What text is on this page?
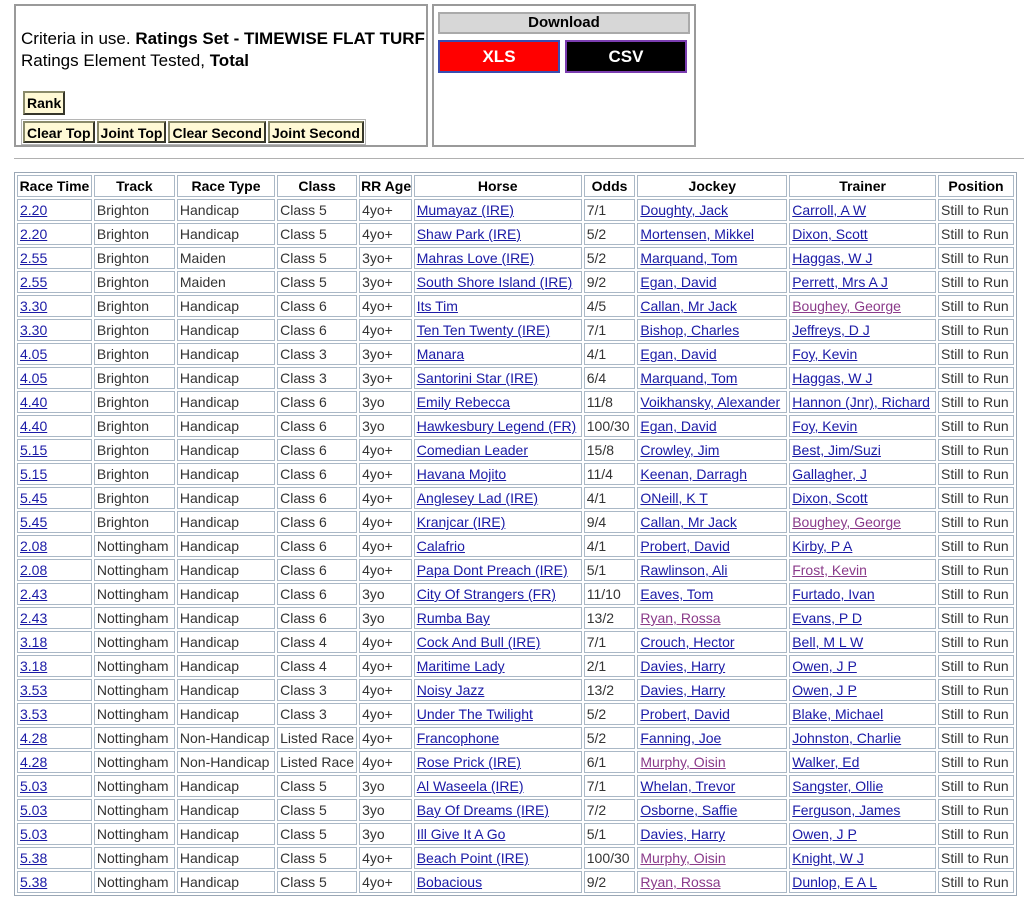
Criteria in use. Ratings Set - TIMEWISE FLAT TURF
Ratings Element Tested, Total
Rank
Clear Top Joint Top Clear Second Joint Second
Download
XLS	CSV
Race Time	Track	Race Type	Class	RR Age	Horse	Odds	Jockey	Trainer	Position
2.20	Brighton	Handicap	Class 5	4yo+	Mumayaz (IRE)	7/1	Doughty, Jack	Carroll, A W	Still to Run
2.20	Brighton	Handicap	Class 5	4yo+	Shaw Park (IRE)	5/2	Mortensen, Mikkel	Dixon, Scott	Still to Run
2.55	Brighton	Maiden	Class 5	3yo+	Mahras Love (IRE)	5/2	Marquand, Tom	Haggas, W J	Still to Run
2.55	Brighton	Maiden	Class 5	3yo+	South Shore Island (IRE)	9/2	Egan, David	Perrett, Mrs A J	Still to Run
3.30	Brighton	Handicap	Class 6	4yo+	Its Tim	4/5	Callan, Mr Jack	Boughey, George	Still to Run
3.30	Brighton	Handicap	Class 6	4yo+	Ten Ten Twenty (IRE)	7/1	Bishop, Charles	Jeffreys, D J	Still to Run
4.05	Brighton	Handicap	Class 3	3yo+	Manara	4/1	Egan, David	Foy, Kevin	Still to Run
4.05	Brighton	Handicap	Class 3	3yo+	Santorini Star (IRE)	6/4	Marquand, Tom	Haggas, W J	Still to Run
4.40	Brighton	Handicap	Class 6	3yo	Emily Rebecca	11/8	Voikhansky, Alexander	Hannon (Jnr), Richard	Still to Run
4.40	Brighton	Handicap	Class 6	3yo	Hawkesbury Legend (FR)	100/30	Egan, David	Foy, Kevin	Still to Run
5.15	Brighton	Handicap	Class 6	4yo+	Comedian Leader	15/8	Crowley, Jim	Best, Jim/Suzi	Still to Run
5.15	Brighton	Handicap	Class 6	4yo+	Havana Mojito	11/4	Keenan, Darragh	Gallagher, J	Still to Run
5.45	Brighton	Handicap	Class 6	4yo+	Anglesey Lad (IRE)	4/1	ONeill, K T	Dixon, Scott	Still to Run
5.45	Brighton	Handicap	Class 6	4yo+	Kranjcar (IRE)	9/4	Callan, Mr Jack	Boughey, George	Still to Run
2.08	Nottingham	Handicap	Class 6	4yo+	Calafrio	4/1	Probert, David	Kirby, P A	Still to Run
2.08	Nottingham	Handicap	Class 6	4yo+	Papa Dont Preach (IRE)	5/1	Rawlinson, Ali	Frost, Kevin	Still to Run
2.43	Nottingham	Handicap	Class 6	3yo	City Of Strangers (FR)	11/10	Eaves, Tom	Furtado, Ivan	Still to Run
2.43	Nottingham	Handicap	Class 6	3yo	Rumba Bay	13/2	Ryan, Rossa	Evans, P D	Still to Run
3.18	Nottingham	Handicap	Class 4	4yo+	Cock And Bull (IRE)	7/1	Crouch, Hector	Bell, M L W	Still to Run
3.18	Nottingham	Handicap	Class 4	4yo+	Maritime Lady	2/1	Davies, Harry	Owen, J P	Still to Run
3.53	Nottingham	Handicap	Class 3	4yo+	Noisy Jazz	13/2	Davies, Harry	Owen, J P	Still to Run
3.53	Nottingham	Handicap	Class 3	4yo+	Under The Twilight	5/2	Probert, David	Blake, Michael	Still to Run
4.28	Nottingham	Non-Handicap	Listed Race	4yo+	Francophone	5/2	Fanning, Joe	Johnston, Charlie	Still to Run
4.28	Nottingham	Non-Handicap	Listed Race	4yo+	Rose Prick (IRE)	6/1	Murphy, Oisin	Walker, Ed	Still to Run
5.03	Nottingham	Handicap	Class 5	3yo	Al Waseela (IRE)	7/1	Whelan, Trevor	Sangster, Ollie	Still to Run
5.03	Nottingham	Handicap	Class 5	3yo	Bay Of Dreams (IRE)	7/2	Osborne, Saffie	Ferguson, James	Still to Run
5.03	Nottingham	Handicap	Class 5	3yo	Ill Give It A Go	5/1	Davies, Harry	Owen, J P	Still to Run
5.38	Nottingham	Handicap	Class 5	4yo+	Beach Point (IRE)	100/30	Murphy, Oisin	Knight, W J	Still to Run
5.38	Nottingham	Handicap	Class 5	4yo+	Bobacious	9/2	Ryan, Rossa	Dunlop, E A L	Still to Run
